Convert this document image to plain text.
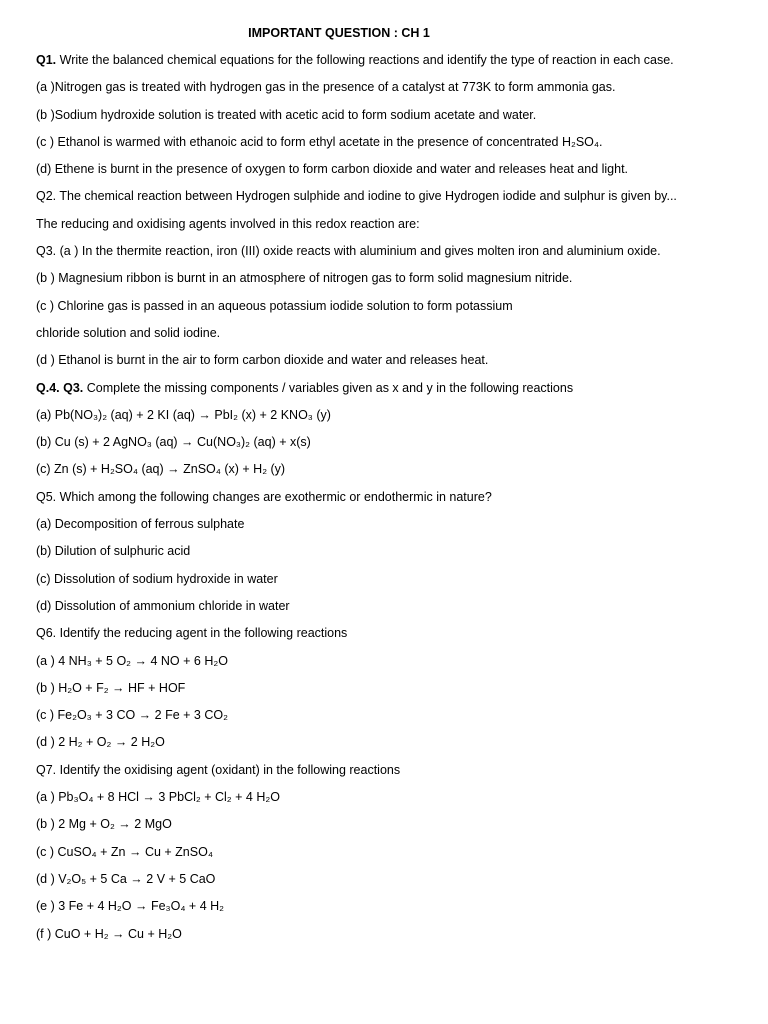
IMPORTANT QUESTION : CH 1
Q1. Write the balanced chemical equations for the following reactions and identify the type of reaction in each case.
(a )Nitrogen gas is treated with hydrogen gas in the presence of a catalyst at 773K to form ammonia gas.
(b )Sodium hydroxide solution is treated with acetic acid to form sodium acetate and water.
(c ) Ethanol is warmed with ethanoic acid to form ethyl acetate in the presence of concentrated H₂SO₄.
(d) Ethene is burnt in the presence of oxygen to form carbon dioxide and water and releases heat and light.
Q2. The chemical reaction between Hydrogen sulphide and iodine to give Hydrogen iodide and sulphur is given by...
The reducing and oxidising agents involved in this redox reaction are:
Q3. (a ) In the thermite reaction, iron (III) oxide reacts with aluminium and gives molten iron and aluminium oxide.
(b ) Magnesium ribbon is burnt in an atmosphere of nitrogen gas to form solid magnesium nitride.
(c ) Chlorine gas is passed in an aqueous potassium iodide solution to form potassium
chloride solution and solid iodine.
(d ) Ethanol is burnt in the air to form carbon dioxide and water and releases heat.
Q.4. Q3. Complete the missing components / variables given as x and y in the following reactions
(a) Pb(NO₃)₂ (aq) + 2 KI (aq) → PbI₂ (x) + 2 KNO₃ (y)
(b) Cu (s) + 2 AgNO₃ (aq) → Cu(NO₃)₂ (aq) + x(s)
(c) Zn (s) + H₂SO₄ (aq) → ZnSO₄ (x) + H₂ (y)
Q5. Which among the following changes are exothermic or endothermic in nature?
(a) Decomposition of ferrous sulphate
(b) Dilution of sulphuric acid
(c) Dissolution of sodium hydroxide in water
(d) Dissolution of ammonium chloride in water
Q6. Identify the reducing agent in the following reactions
(a ) 4 NH₃ + 5 O₂ → 4 NO + 6 H₂O
(b ) H₂O + F₂ → HF + HOF
(c ) Fe₂O₃ + 3 CO → 2 Fe + 3 CO₂
(d ) 2 H₂ + O₂ → 2 H₂O
Q7. Identify the oxidising agent (oxidant) in the following reactions
(a ) Pb₃O₄ + 8 HCl → 3 PbCl₂ + Cl₂ + 4 H₂O
(b ) 2 Mg + O₂ → 2 MgO
(c ) CuSO₄ + Zn → Cu + ZnSO₄
(d ) V₂O₅ + 5 Ca → 2 V + 5 CaO
(e ) 3 Fe + 4 H₂O → Fe₃O₄ + 4 H₂
(f ) CuO + H₂ → Cu + H₂O
